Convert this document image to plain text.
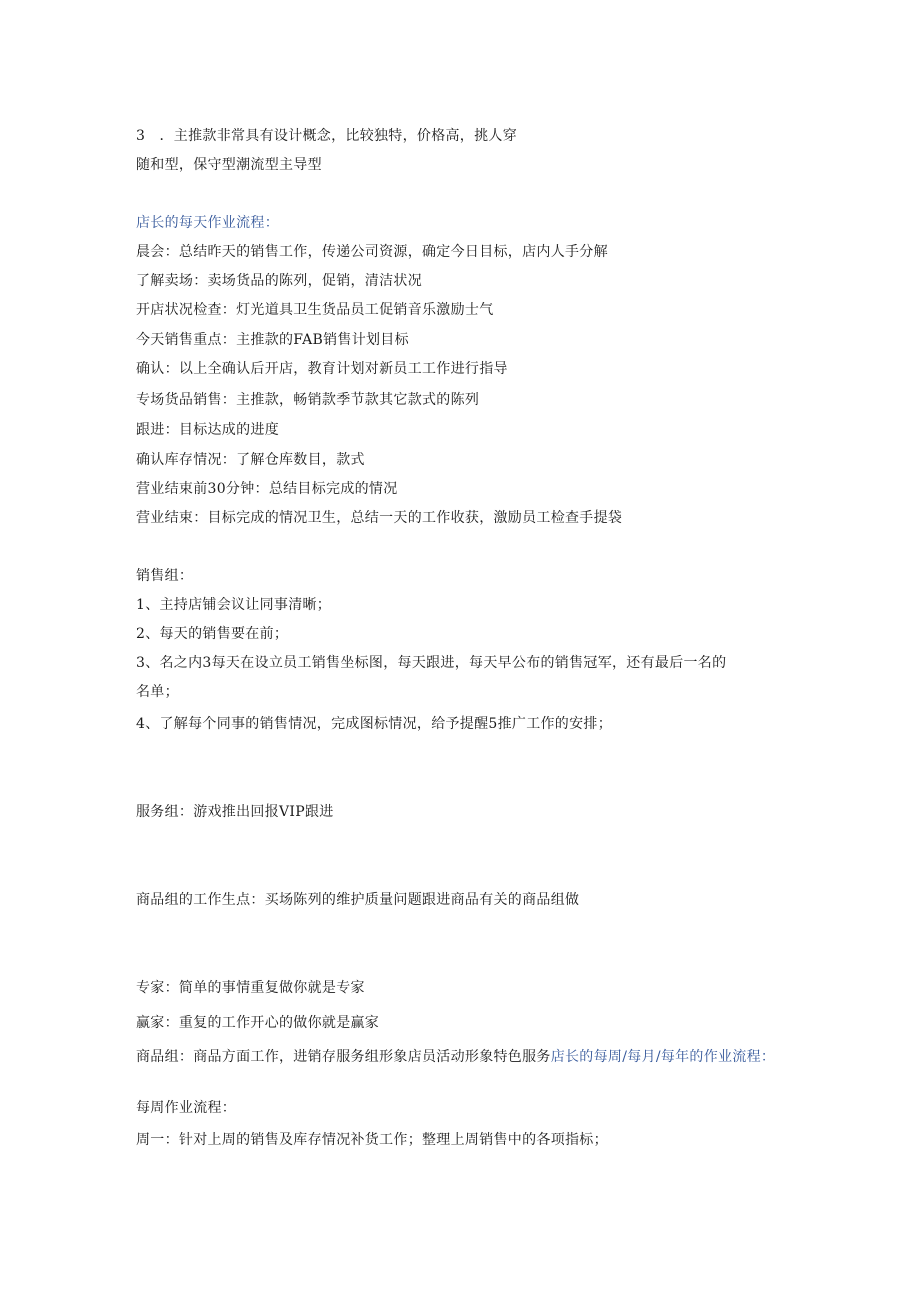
3　．主推款非常具有设计概念，比较独特，价格高，挑人穿
随和型，保守型潮流型主导型
店长的每天作业流程：
晨会：总结昨天的销售工作，传递公司资源，确定今日目标，店内人手分解
了解卖场：卖场货品的陈列，促销，清洁状况
开店状况检查：灯光道具卫生货品员工促销音乐激励士气
今天销售重点：主推款的FAB销售计划目标
确认：以上全确认后开店，教育计划对新员工工作进行指导
专场货品销售：主推款，畅销款季节款其它款式的陈列
跟进：目标达成的进度
确认库存情况：了解仓库数目，款式
营业结束前30分钟：总结目标完成的情况
营业结束：目标完成的情况卫生，总结一天的工作收获，激励员工检查手提袋
销售组：
1、主持店铺会议让同事清晰；
2、每天的销售要在前；
3、名之内3每天在设立员工销售坐标图，每天跟进，每天早公布的销售冠军，还有最后一名的
名单；
4、了解每个同事的销售情况，完成图标情况，给予提醒5推广工作的安排；
服务组：游戏推出回报VIP跟进
商品组的工作生点：买场陈列的维护质量问题跟进商品有关的商品组做
专家：简单的事情重复做你就是专家
赢家：重复的工作开心的做你就是赢家
商品组：商品方面工作，进销存服务组形象店员活动形象特色服务店长的每周/每月/每年的作业流程：
每周作业流程：
周一：针对上周的销售及库存情况补货工作；整理上周销售中的各项指标；
